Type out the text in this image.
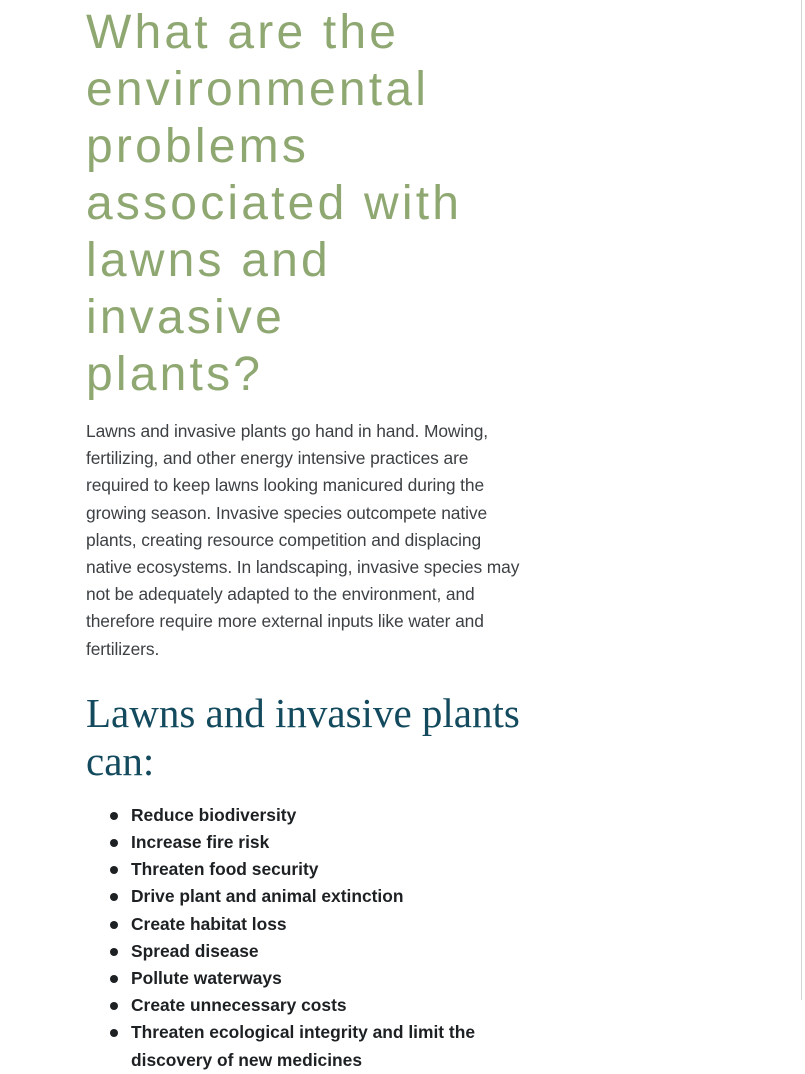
What are the
environmental
problems
associated with
lawns and invasive
plants?

Lawns and invasive plants go hand in hand. Mowing,
fertilizing, and other energy intensive practices are
required to keep lawns looking manicured during the
growing season. Invasive species outcompete native
plants, creating resource competition and displacing
native ecosystems. In landscaping, invasive species may
not be adequately adapted to the environment, and
therefore require more external inputs like water and
fertilizers.

Lawns and invasive plants
can:
Reduce biodiversity
Increase fire risk
Threaten food security
Drive plant and animal extinction
Create habitat loss
Spread disease
Pollute waterways
Create unnecessary costs
Threaten ecological integrity and limit the
discovery of new medicines
